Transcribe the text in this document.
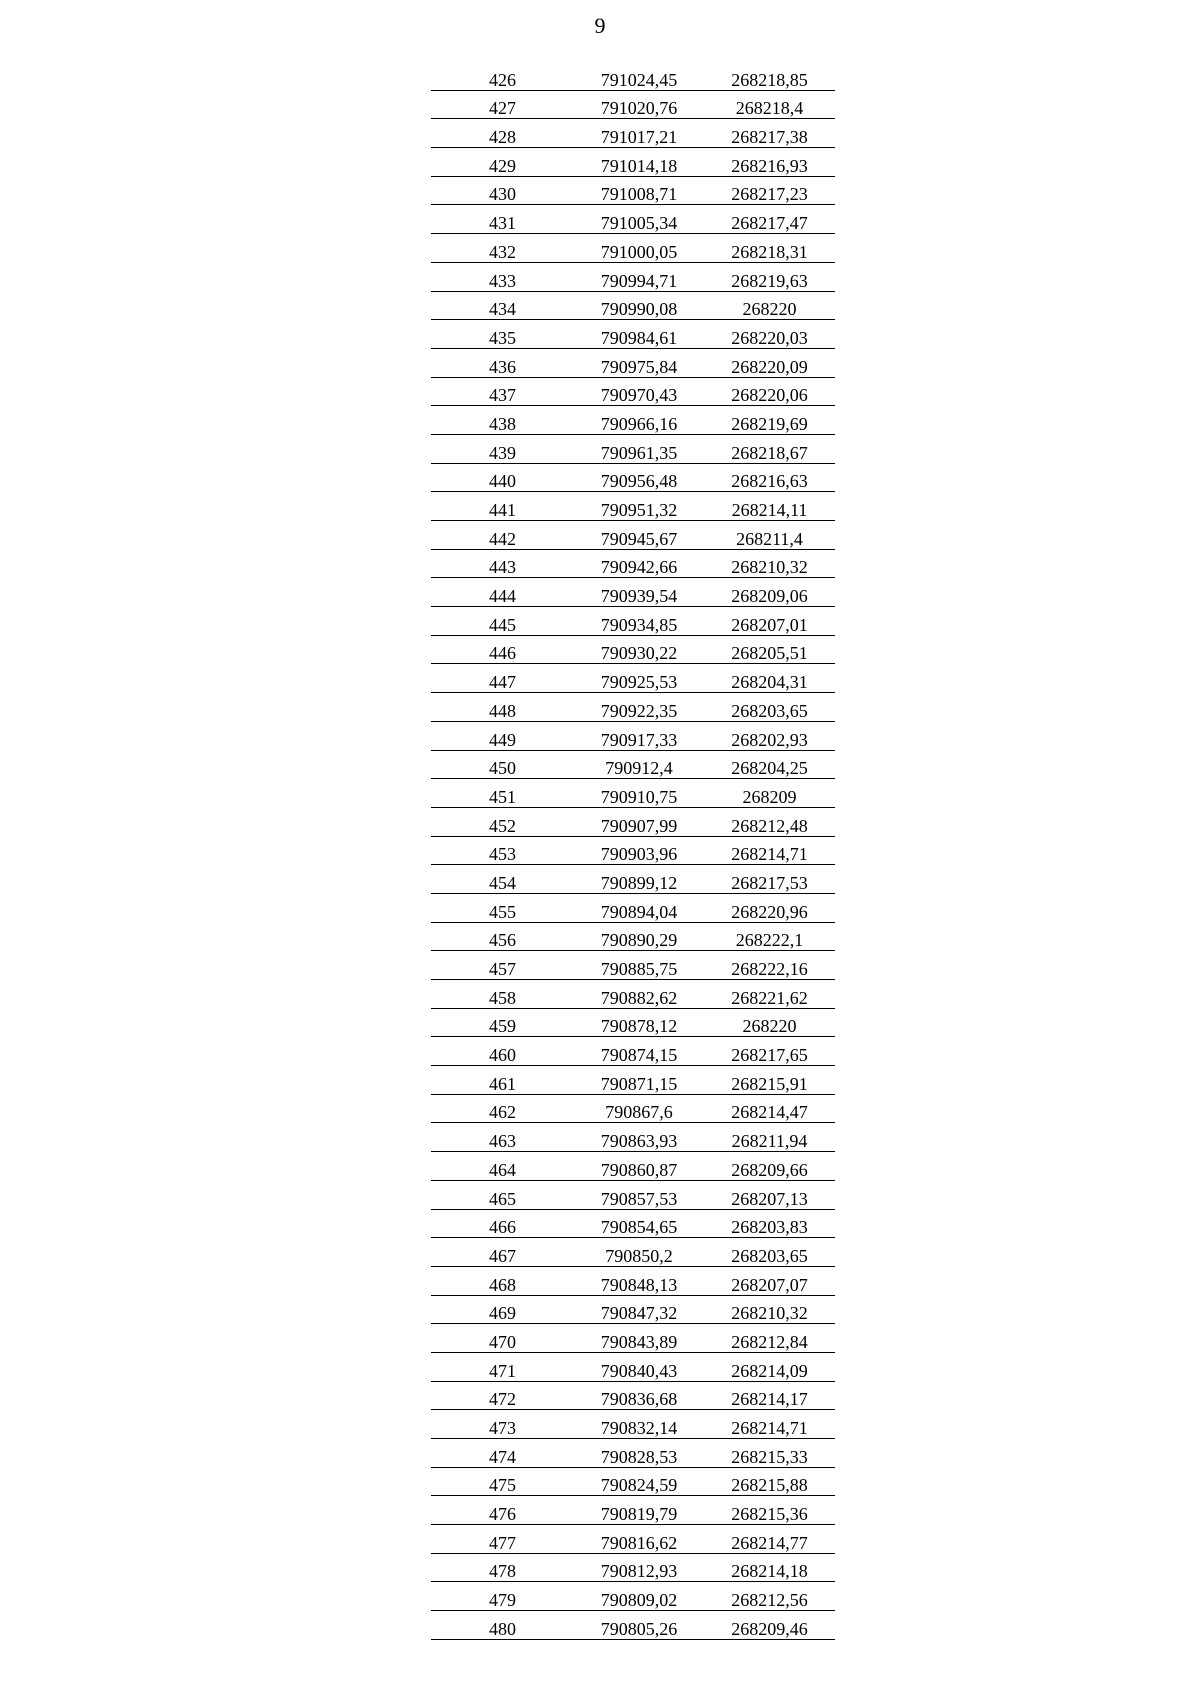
9
426	791024,45	268218,85
427	791020,76	268218,4
428	791017,21	268217,38
429	791014,18	268216,93
430	791008,71	268217,23
431	791005,34	268217,47
432	791000,05	268218,31
433	790994,71	268219,63
434	790990,08	268220
435	790984,61	268220,03
436	790975,84	268220,09
437	790970,43	268220,06
438	790966,16	268219,69
439	790961,35	268218,67
440	790956,48	268216,63
441	790951,32	268214,11
442	790945,67	268211,4
443	790942,66	268210,32
444	790939,54	268209,06
445	790934,85	268207,01
446	790930,22	268205,51
447	790925,53	268204,31
448	790922,35	268203,65
449	790917,33	268202,93
450	790912,4	268204,25
451	790910,75	268209
452	790907,99	268212,48
453	790903,96	268214,71
454	790899,12	268217,53
455	790894,04	268220,96
456	790890,29	268222,1
457	790885,75	268222,16
458	790882,62	268221,62
459	790878,12	268220
460	790874,15	268217,65
461	790871,15	268215,91
462	790867,6	268214,47
463	790863,93	268211,94
464	790860,87	268209,66
465	790857,53	268207,13
466	790854,65	268203,83
467	790850,2	268203,65
468	790848,13	268207,07
469	790847,32	268210,32
470	790843,89	268212,84
471	790840,43	268214,09
472	790836,68	268214,17
473	790832,14	268214,71
474	790828,53	268215,33
475	790824,59	268215,88
476	790819,79	268215,36
477	790816,62	268214,77
478	790812,93	268214,18
479	790809,02	268212,56
480	790805,26	268209,46
